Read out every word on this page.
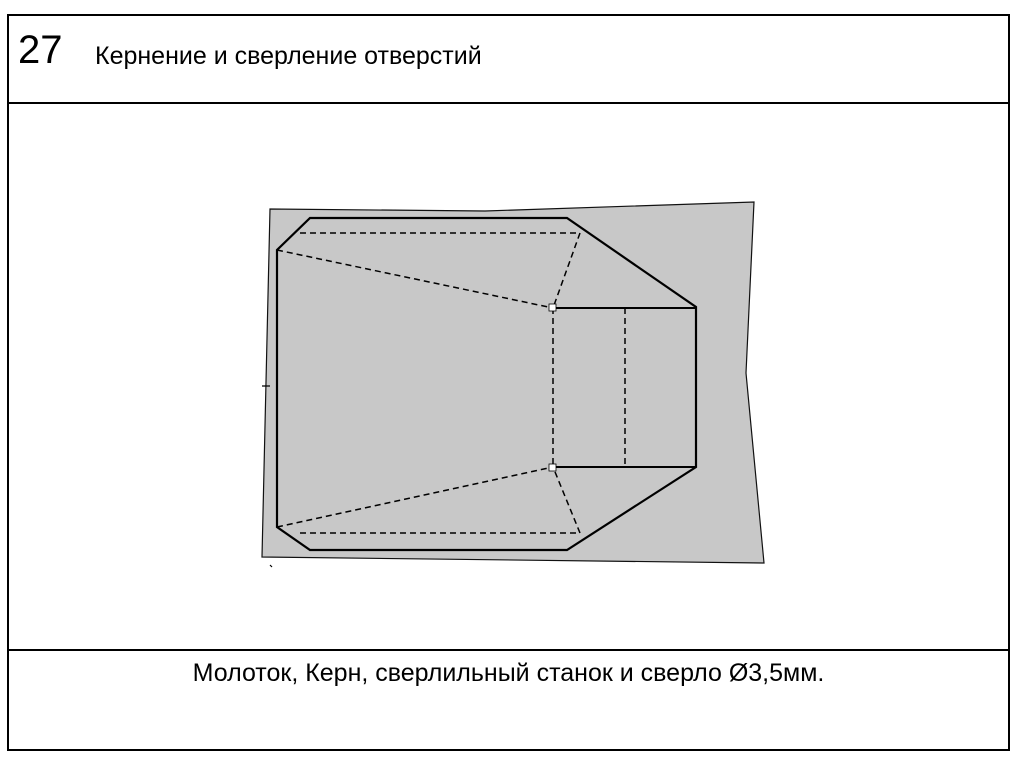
27 Кернение и сверление отверстий
Молоток, Керн, сверлильный станок и сверло Ø3,5мм.
